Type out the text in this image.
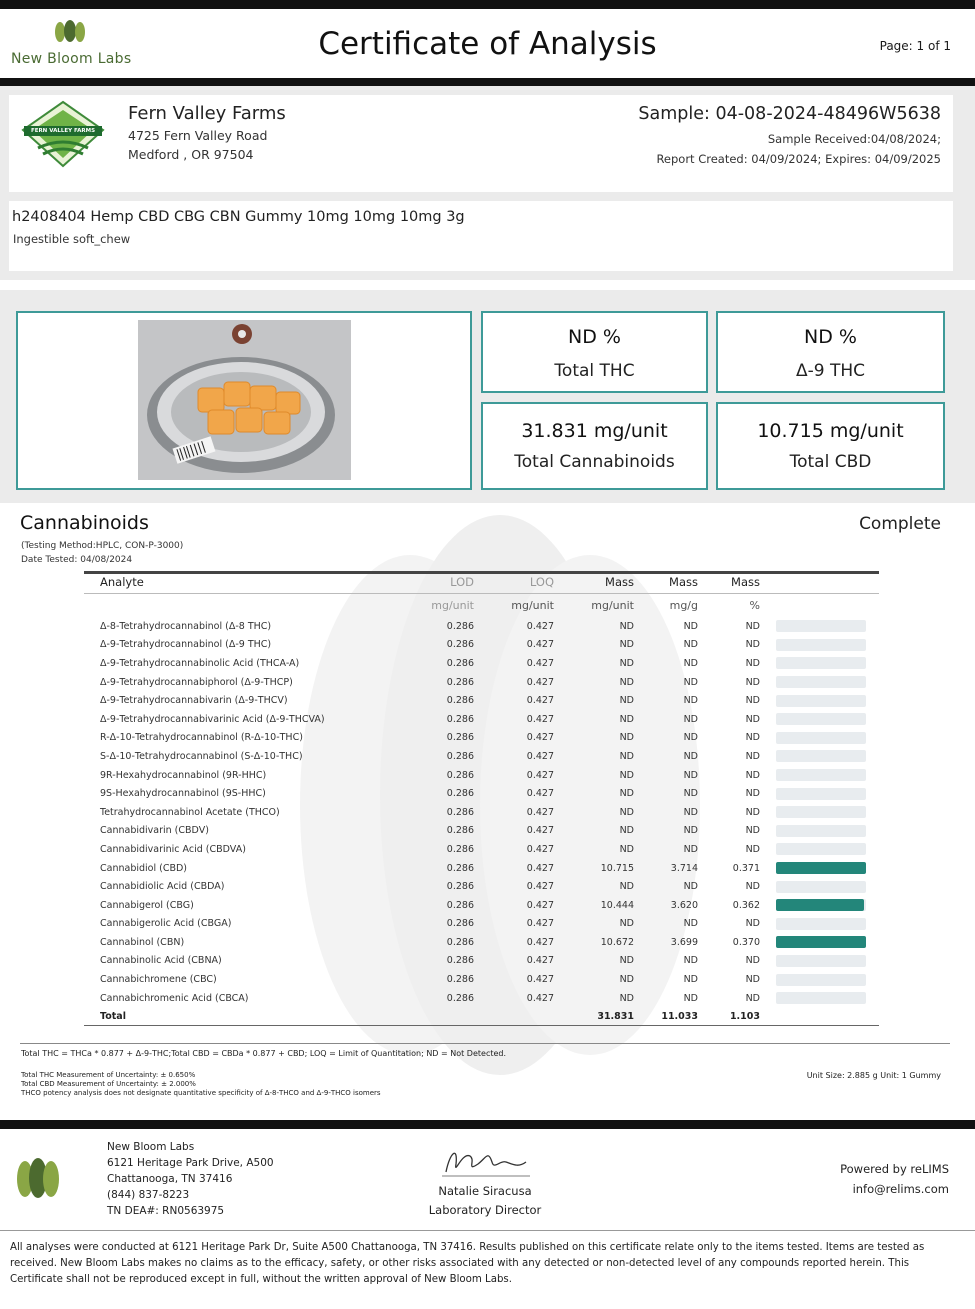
New Bloom Labs	Certificate of Analysis	Page: 1 of 1
FERN VALLEY FARMS
Fern Valley Farms
4725 Fern Valley Road
Medford , OR 97504
Sample: 04-08-2024-48496W5638
Sample Received:04/08/2024;
Report Created: 04/09/2024; Expires: 04/09/2025
h2408404 Hemp CBD CBG CBN Gummy 10mg 10mg 10mg 3g
Ingestible soft_chew
ND %
Total THC
ND %
Δ-9 THC
31.831 mg/unit
Total Cannabinoids
10.715 mg/unit
Total CBD
Cannabinoids	Complete
(Testing Method:HPLC, CON-P-3000)
Date Tested: 04/08/2024
Analyte	LOD	LOQ	Mass	Mass	Mass	
	mg/unit	mg/unit	mg/unit	mg/g	%	
Δ-8-Tetrahydrocannabinol (Δ-8 THC)	0.286	0.427	ND	ND	ND	

Δ-9-Tetrahydrocannabinol (Δ-9 THC)	0.286	0.427	ND	ND	ND	

Δ-9-Tetrahydrocannabinolic Acid (THCA-A)	0.286	0.427	ND	ND	ND	

Δ-9-Tetrahydrocannabiphorol (Δ-9-THCP)	0.286	0.427	ND	ND	ND	

Δ-9-Tetrahydrocannabivarin (Δ-9-THCV)	0.286	0.427	ND	ND	ND	

Δ-9-Tetrahydrocannabivarinic Acid (Δ-9-THCVA)	0.286	0.427	ND	ND	ND	

R-Δ-10-Tetrahydrocannabinol (R-Δ-10-THC)	0.286	0.427	ND	ND	ND	

S-Δ-10-Tetrahydrocannabinol (S-Δ-10-THC)	0.286	0.427	ND	ND	ND	

9R-Hexahydrocannabinol (9R-HHC)	0.286	0.427	ND	ND	ND	

9S-Hexahydrocannabinol (9S-HHC)	0.286	0.427	ND	ND	ND	

Tetrahydrocannabinol Acetate (THCO)	0.286	0.427	ND	ND	ND	

Cannabidivarin (CBDV)	0.286	0.427	ND	ND	ND	

Cannabidivarinic Acid (CBDVA)	0.286	0.427	ND	ND	ND	

Cannabidiol (CBD)	0.286	0.427	10.715	3.714	0.371	

Cannabidiolic Acid (CBDA)	0.286	0.427	ND	ND	ND	

Cannabigerol (CBG)	0.286	0.427	10.444	3.620	0.362	

Cannabigerolic Acid (CBGA)	0.286	0.427	ND	ND	ND	

Cannabinol (CBN)	0.286	0.427	10.672	3.699	0.370	

Cannabinolic Acid (CBNA)	0.286	0.427	ND	ND	ND	

Cannabichromene (CBC)	0.286	0.427	ND	ND	ND	

Cannabichromenic Acid (CBCA)	0.286	0.427	ND	ND	ND	

Total			31.831	11.033	1.103	
Total THC = THCa * 0.877 + Δ-9-THC;Total CBD = CBDa * 0.877 + CBD; LOQ = Limit of Quantitation; ND = Not Detected.
Total THC Measurement of Uncertainty: ± 0.650%
Total CBD Measurement of Uncertainty: ± 2.000%
THCO potency analysis does not designate quantitative specificity of Δ-8-THCO and Δ-9-THCO isomers
Unit Size: 2.885 g Unit: 1 Gummy
New Bloom Labs
6121 Heritage Park Drive, A500
Chattanooga, TN 37416
(844) 837-8223
TN DEA#: RN0563975
Natalie Siracusa
Laboratory Director
Powered by reLIMS
info@relims.com
All analyses were conducted at 6121 Heritage Park Dr, Suite A500 Chattanooga, TN 37416. Results published on this certificate relate only to the items tested. Items are tested as received. New Bloom Labs makes no claims as to the efficacy, safety, or other risks associated with any detected or non-detected level of any compounds reported herein. This Certificate shall not be reproduced except in full, without the written approval of New Bloom Labs.
